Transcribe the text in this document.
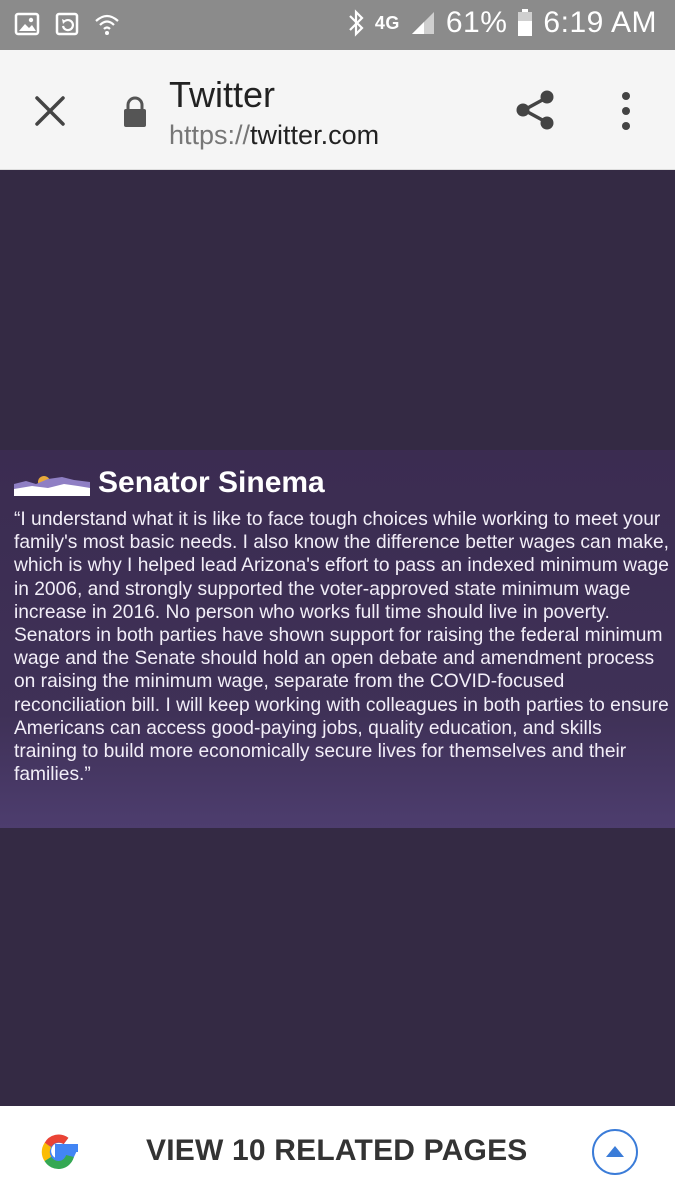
4G 61% 6:19 AM
Twitter
https://twitter.com
Senator Sinema
“I understand what it is like to face tough choices while working to meet your family's most basic needs. I also know the difference better wages can make, which is why I helped lead Arizona's effort to pass an indexed minimum wage in 2006, and strongly supported the voter-approved state minimum wage increase in 2016. No person who works full time should live in poverty. Senators in both parties have shown support for raising the federal minimum wage and the Senate should hold an open debate and amendment process on raising the minimum wage, separate from the COVID-focused reconciliation bill. I will keep working with colleagues in both parties to ensure Americans can access good-paying jobs, quality education, and skills training to build more economically secure lives for themselves and their families.”
VIEW 10 RELATED PAGES
